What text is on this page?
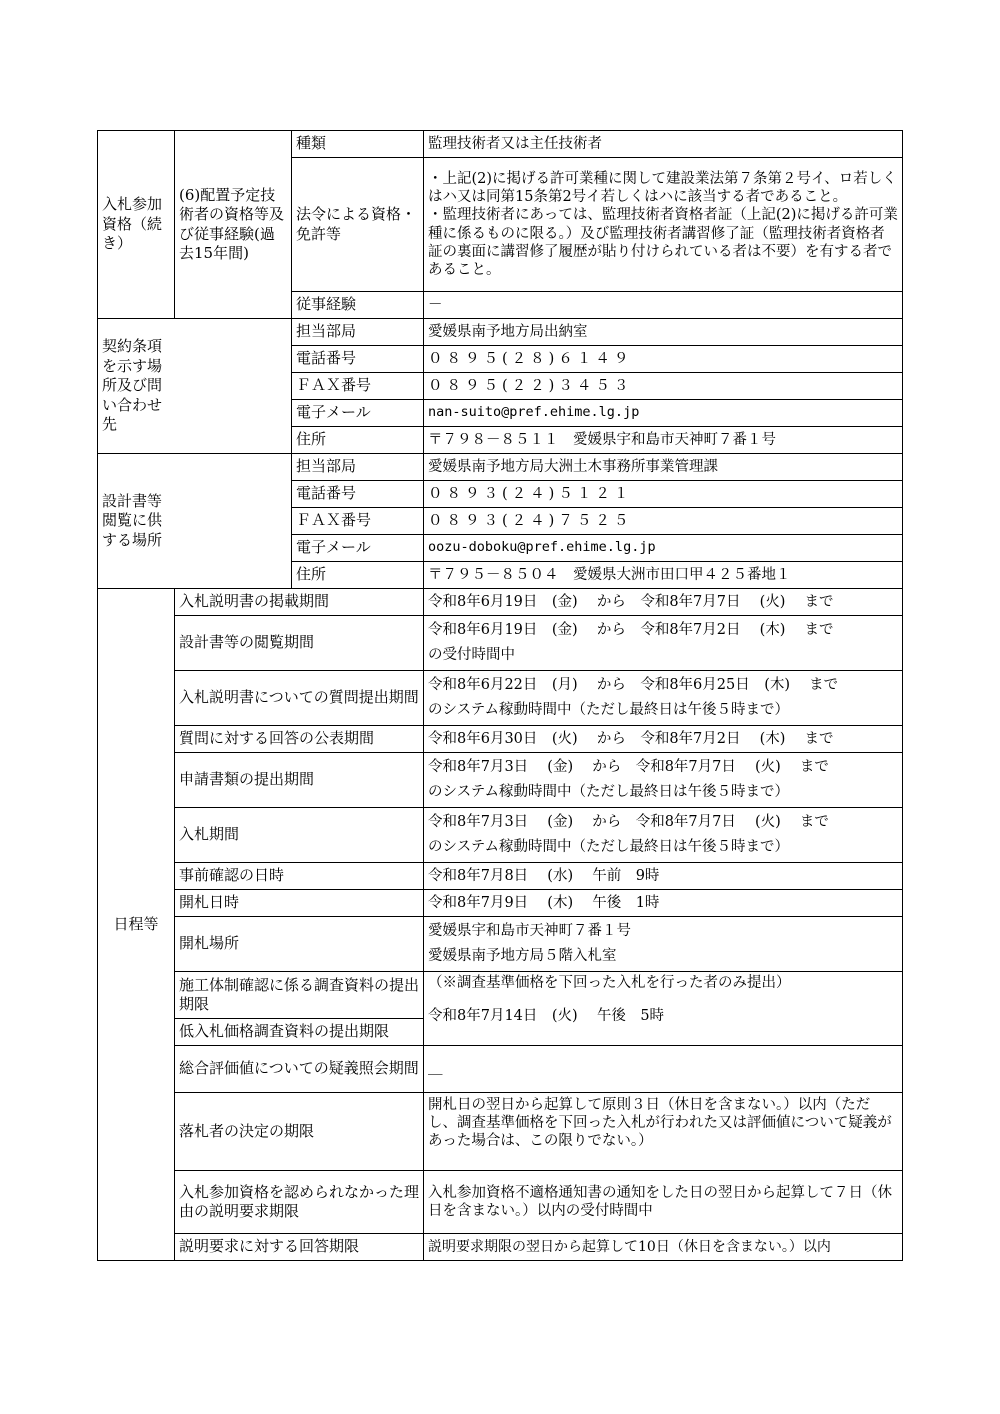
入札参加資格（続き）	(6)配置予定技術者の資格等及び従事経験(過去15年間)	種類	監理技術者又は主任技術者
		法令による資格・免許等	・上記(2)に掲げる許可業種に関して建設業法第７条第２号イ、ロ若しくはハ又は同第15条第2号イ若しくはハに該当する者であること。
・監理技術者にあっては、監理技術者資格者証（上記(2)に掲げる許可業種に係るものに限る。）及び監理技術者講習修了証（監理技術者資格者証の裏面に講習修了履歴が貼り付けられている者は不要）を有する者であること。
		従事経験	－
契約条項を示す場所及び問い合わせ先		担当部局	愛媛県南予地方局出納室
		電話番号	０８９５(２８)６１４９
		ＦＡＸ番号	０８９５(２２)３４５３
		電子メール	nan-suito@pref.ehime.lg.jp
		住所	〒７９８－８５１１　愛媛県宇和島市天神町７番１号
設計書等閲覧に供する場所		担当部局	愛媛県南予地方局大洲土木事務所事業管理課
		電話番号	０８９３(２４)５１２１
		ＦＡＸ番号	０８９３(２４)７５２５
		電子メール	oozu-doboku@pref.ehime.lg.jp
		住所	〒７９５－８５０４　愛媛県大洲市田口甲４２５番地１
日程等	入札説明書の掲載期間		令和8年6月19日　(金)　 から　令和8年7月7日　 (火)　 まで
	設計書等の閲覧期間		令和8年6月19日　(金)　 から　令和8年7月2日　 (木)　 まで
の受付時間中

	入札説明書についての質問提出期間		令和8年6月22日　(月)　 から　令和8年6月25日　(木)　 まで
のシステム稼動時間中（ただし最終日は午後５時まで）

	質問に対する回答の公表期間		令和8年6月30日　(火)　 から　令和8年7月2日　 (木)　 まで
	申請書類の提出期間		令和8年7月3日　 (金)　 から　令和8年7月7日　 (火)　 まで
のシステム稼動時間中（ただし最終日は午後５時まで）

	入札期間		令和8年7月3日　 (金)　 から　令和8年7月7日　 (火)　 まで
のシステム稼動時間中（ただし最終日は午後５時まで）

	事前確認の日時		令和8年7月8日　 (水)　 午前　9時
	開札日時		令和8年7月9日　 (木)　 午後　1時
	開札場所		愛媛県宇和島市天神町７番１号
愛媛県南予地方局５階入札室

	施工体制確認に係る調査資料の提出期限		（※調査基準価格を下回った入札を行った者のみ提出）
令和8年7月14日　(火)　 午後　5時

	低入札価格調査資料の提出期限		
	総合評価値についての疑義照会期間		＿
	落札者の決定の期限		開札日の翌日から起算して原則３日（休日を含まない。）以内（ただし、調査基準価格を下回った入札が行われた又は評価値について疑義があった場合は、この限りでない。）
	入札参加資格を認められなかった理由の説明要求期限		入札参加資格不適格通知書の通知をした日の翌日から起算して７日（休日を含まない。）以内の受付時間中
	説明要求に対する回答期限		説明要求期限の翌日から起算して10日（休日を含まない。）以内
